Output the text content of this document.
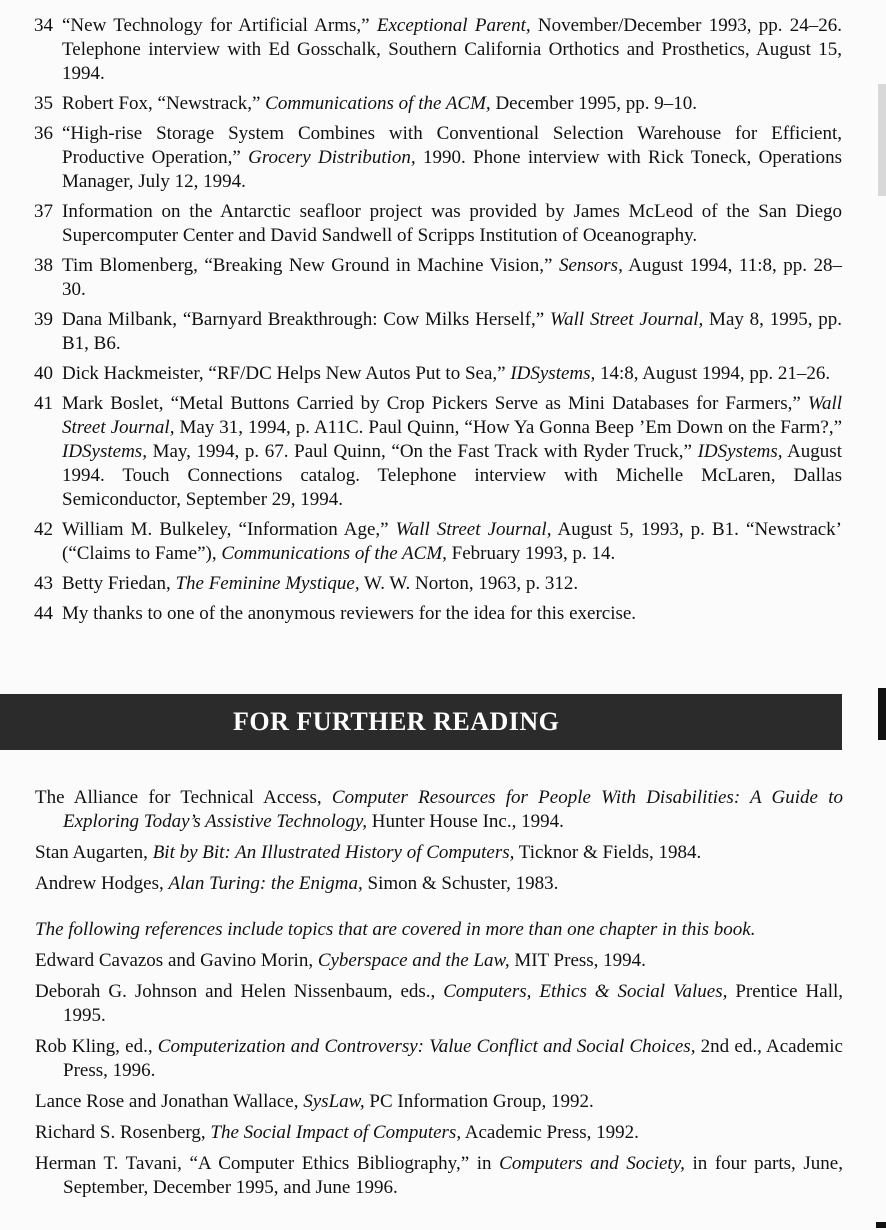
34 “New Technology for Artificial Arms,” Exceptional Parent, November/December 1993, pp. 24–26. Telephone interview with Ed Gosschalk, Southern California Orthotics and Prosthetics, August 15, 1994.

35 Robert Fox, “Newstrack,” Communications of the ACM, December 1995, pp. 9–10.

36 “High-rise Storage System Combines with Conventional Selection Warehouse for Efficient, Productive Operation,” Grocery Distribution, 1990. Phone interview with Rick Toneck, Operations Manager, July 12, 1994.

37 Information on the Antarctic seafloor project was provided by James McLeod of the San Diego Supercomputer Center and David Sandwell of Scripps Institution of Oceanography.

38 Tim Blomenberg, “Breaking New Ground in Machine Vision,” Sensors, August 1994, 11:8, pp. 28–30.

39 Dana Milbank, “Barnyard Breakthrough: Cow Milks Herself,” Wall Street Journal, May 8, 1995, pp. B1, B6.

40 Dick Hackmeister, “RF/DC Helps New Autos Put to Sea,” IDSystems, 14:8, August 1994, pp. 21–26.

41 Mark Boslet, “Metal Buttons Carried by Crop Pickers Serve as Mini Databases for Farmers,” Wall Street Journal, May 31, 1994, p. A11C. Paul Quinn, “How Ya Gonna Beep ’Em Down on the Farm?,” IDSystems, May, 1994, p. 67. Paul Quinn, “On the Fast Track with Ryder Truck,” IDSystems, August 1994. Touch Connections catalog. Telephone interview with Michelle McLaren, Dallas Semiconductor, September 29, 1994.

42 William M. Bulkeley, “Information Age,” Wall Street Journal, August 5, 1993, p. B1. “Newstrack’ (“Claims to Fame”), Communications of the ACM, February 1993, p. 14.

43 Betty Friedan, The Feminine Mystique, W. W. Norton, 1963, p. 312.

44 My thanks to one of the anonymous reviewers for the idea for this exercise.

FOR FURTHER READING

The Alliance for Technical Access, Computer Resources for People With Disabilities: A Guide to Exploring Today’s Assistive Technology, Hunter House Inc., 1994.

Stan Augarten, Bit by Bit: An Illustrated History of Computers, Ticknor & Fields, 1984.

Andrew Hodges, Alan Turing: the Enigma, Simon & Schuster, 1983.

The following references include topics that are covered in more than one chapter in this book.

Edward Cavazos and Gavino Morin, Cyberspace and the Law, MIT Press, 1994.

Deborah G. Johnson and Helen Nissenbaum, eds., Computers, Ethics & Social Values, Prentice Hall, 1995.

Rob Kling, ed., Computerization and Controversy: Value Conflict and Social Choices, 2nd ed., Academic Press, 1996.

Lance Rose and Jonathan Wallace, SysLaw, PC Information Group, 1992.

Richard S. Rosenberg, The Social Impact of Computers, Academic Press, 1992.

Herman T. Tavani, “A Computer Ethics Bibliography,” in Computers and Society, in four parts, June, September, December 1995, and June 1996.
